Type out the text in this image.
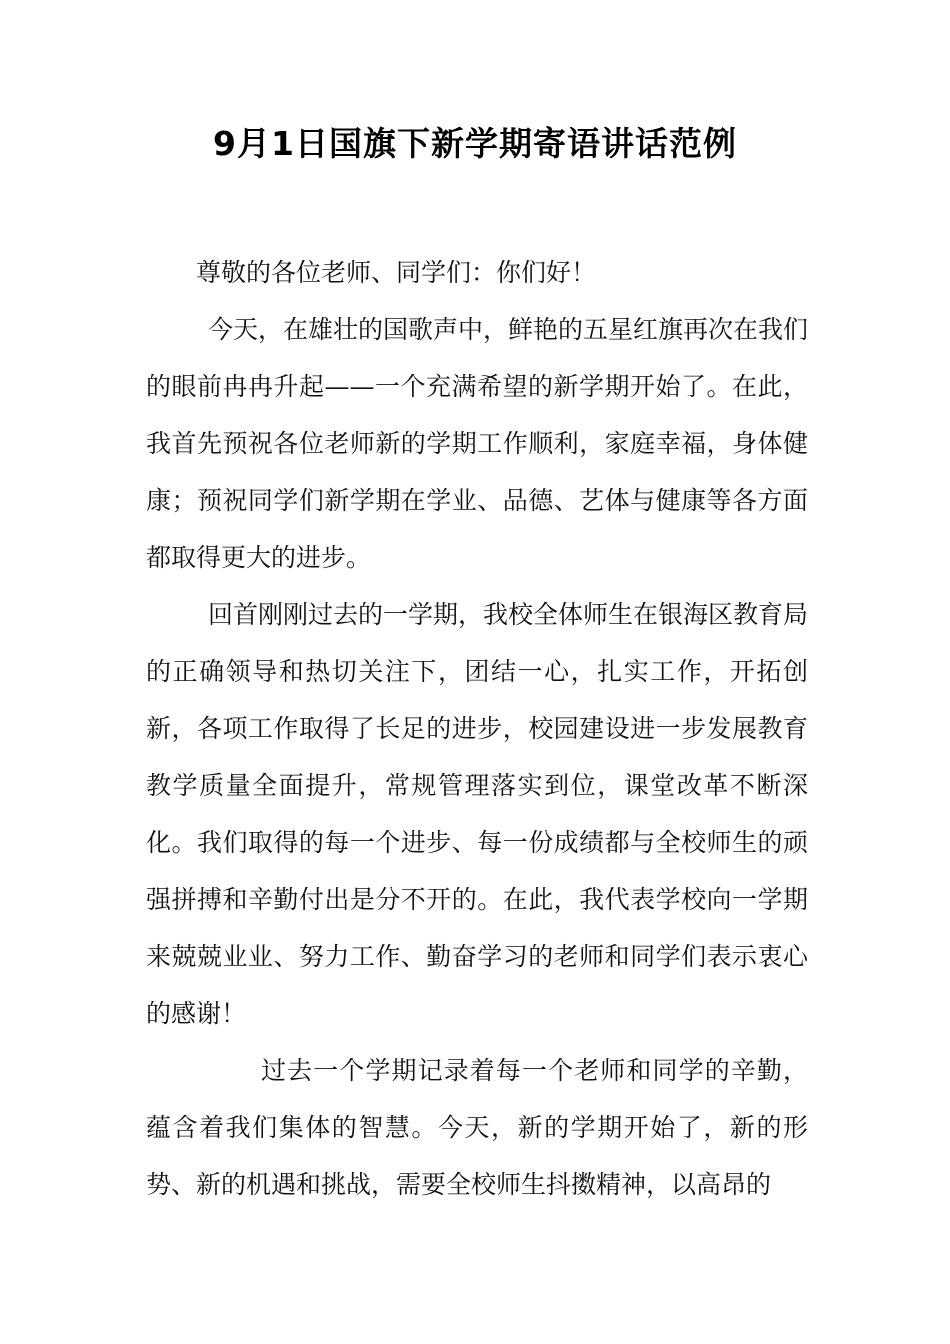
9月1日国旗下新学期寄语讲话范例

尊敬的各位老师、同学们：你们好！

今天，在雄壮的国歌声中，鲜艳的五星红旗再次在我们的眼前冉冉升起——一个充满希望的新学期开始了。在此，我首先预祝各位老师新的学期工作顺利，家庭幸福，身体健康；预祝同学们新学期在学业、品德、艺体与健康等各方面都取得更大的进步。

回首刚刚过去的一学期，我校全体师生在银海区教育局的正确领导和热切关注下，团结一心，扎实工作，开拓创新，各项工作取得了长足的进步，校园建设进一步发展教育教学质量全面提升，常规管理落实到位，课堂改革不断深化。我们取得的每一个进步、每一份成绩都与全校师生的顽强拼搏和辛勤付出是分不开的。在此，我代表学校向一学期来兢兢业业、努力工作、勤奋学习的老师和同学们表示衷心的感谢！

过去一个学期记录着每一个老师和同学的辛勤，蕴含着我们集体的智慧。今天，新的学期开始了，新的形势、新的机遇和挑战，需要全校师生抖擞精神，以高昂的
